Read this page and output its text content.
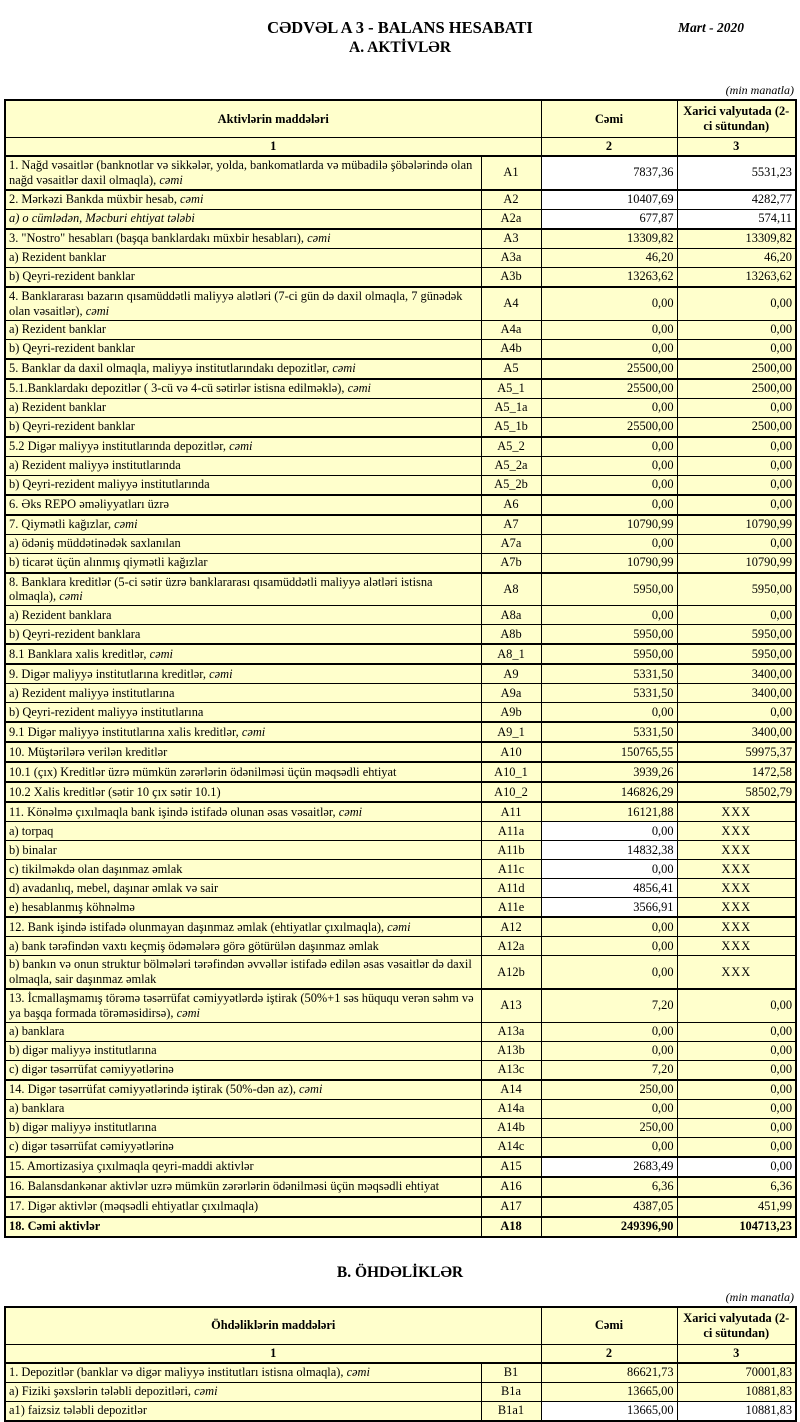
Mart - 2020
CƏDVƏL A 3 - BALANS HESABATI
A. AKTİVLƏR
(min manatla)
Aktivlərin maddələri		Cəmi	Xarici valyutada (2-ci sütundan)
1		2	3
1. Nağd vəsaitlər (banknotlar və sikkələr, yolda, bankomatlarda və mübadilə şöbələrində olan nağd vəsaitlər daxil olmaqla), cəmi	A1	7837,36	5531,23
2. Mərkəzi Bankda müxbir hesab, cəmi	A2	10407,69	4282,77
a) o cümlədən, Məcburi ehtiyat tələbi	A2a	677,87	574,11
3. "Nostro" hesabları (başqa banklardakı müxbir hesabları), cəmi	A3	13309,82	13309,82
a) Rezident banklar	A3a	46,20	46,20
b) Qeyri-rezident banklar	A3b	13263,62	13263,62
4. Banklararası bazarın qısamüddətli maliyyə alətləri (7-ci gün də daxil olmaqla, 7 günədək olan vəsaitlər), cəmi	A4	0,00	0,00
a) Rezident banklar	A4a	0,00	0,00
b) Qeyri-rezident banklar	A4b	0,00	0,00
5. Banklar da daxil olmaqla, maliyyə institutlarındakı depozitlər, cəmi	A5	25500,00	2500,00
5.1.Banklardakı depozitlər ( 3-cü və 4-cü sətirlər istisna edilməklə), cəmi	A5_1	25500,00	2500,00
a) Rezident banklar	A5_1a	0,00	0,00
b) Qeyri-rezident banklar	A5_1b	25500,00	2500,00
5.2 Digər maliyyə institutlarında depozitlər, cəmi	A5_2	0,00	0,00
a) Rezident maliyyə institutlarında	A5_2a	0,00	0,00
b) Qeyri-rezident maliyyə institutlarında	A5_2b	0,00	0,00
6. Əks REPO əməliyyatları üzrə	A6	0,00	0,00
7. Qiymətli kağızlar, cəmi	A7	10790,99	10790,99
a) ödəniş müddətinədək saxlanılan	A7a	0,00	0,00
b) ticarət üçün alınmış qiymətli kağızlar	A7b	10790,99	10790,99
8. Banklara kreditlər (5-ci sətir üzrə banklararası qısamüddətli maliyyə alətləri istisna olmaqla), cəmi	A8	5950,00	5950,00
a) Rezident banklara	A8a	0,00	0,00
b) Qeyri-rezident banklara	A8b	5950,00	5950,00
8.1 Banklara xalis kreditlər, cəmi	A8_1	5950,00	5950,00
9. Digər maliyyə institutlarına kreditlər, cəmi	A9	5331,50	3400,00
a) Rezident maliyyə institutlarına	A9a	5331,50	3400,00
b) Qeyri-rezident maliyyə institutlarına	A9b	0,00	0,00
9.1 Digər maliyyə institutlarına xalis kreditlər, cəmi	A9_1	5331,50	3400,00
10. Müştərilərə verilən kreditlər	A10	150765,55	59975,37
10.1 (çıx) Kreditlər üzrə mümkün zərərlərin ödənilməsi üçün məqsədli ehtiyat	A10_1	3939,26	1472,58
10.2 Xalis kreditlər (sətir 10 çıx sətir 10.1)	A10_2	146826,29	58502,79
11. Könəlmə çıxılmaqla bank işində istifadə olunan əsas vəsaitlər, cəmi	A11	16121,88	XXX
a) torpaq	A11a	0,00	XXX
b) binalar	A11b	14832,38	XXX
c) tikilməkdə olan daşınmaz əmlak	A11c	0,00	XXX
d) avadanlıq, mebel, daşınar əmlak və sair	A11d	4856,41	XXX
e) hesablanmış köhnəlmə	A11e	3566,91	XXX
12. Bank işində istifadə olunmayan daşınmaz əmlak (ehtiyatlar çıxılmaqla), cəmi	A12	0,00	XXX
a) bank tərəfindən vaxtı keçmiş ödəmələrə görə götürülən daşınmaz əmlak	A12a	0,00	XXX
b) bankın və onun struktur bölmələri tərəfindən əvvəllər istifadə edilən əsas vəsaitlər də daxil olmaqla, sair daşınmaz əmlak	A12b	0,00	XXX
13. İcmallaşmamış törəmə təsərrüfat cəmiyyətlərdə iştirak (50%+1 səs hüququ verən səhm və ya başqa formada törəməsidirsə), cəmi	A13	7,20	0,00
a) banklara	A13a	0,00	0,00
b) digər maliyyə institutlarına	A13b	0,00	0,00
c) digər təsərrüfat cəmiyyətlərinə	A13c	7,20	0,00
14. Digər təsərrüfat cəmiyyətlərində iştirak (50%-dən az), cəmi	A14	250,00	0,00
a) banklara	A14a	0,00	0,00
b) digər maliyyə institutlarına	A14b	250,00	0,00
c) digər təsərrüfat cəmiyyətlərinə	A14c	0,00	0,00
15. Amortizasiya çıxılmaqla qeyri-maddi aktivlər	A15	2683,49	0,00
16. Balansdankənar aktivlər uzrə mümkün zərərlərin ödənilməsi üçün məqsədli ehtiyat	A16	6,36	6,36
17. Digər aktivlər (məqsədli ehtiyatlar çıxılmaqla)	A17	4387,05	451,99
18. Cəmi aktivlər	A18	249396,90	104713,23
B. ÖHDƏLİKLƏR
(min manatla)
Öhdəliklərin maddələri		Cəmi	Xarici valyutada (2-ci sütundan)
1		2	3
1. Depozitlər (banklar və digər maliyyə institutları istisna olmaqla), cəmi	B1	86621,73	70001,83
a) Fiziki şəxslərin tələbli depozitləri, cəmi	B1a	13665,00	10881,83
a1) faizsiz tələbli depozitlər	B1a1	13665,00	10881,83
